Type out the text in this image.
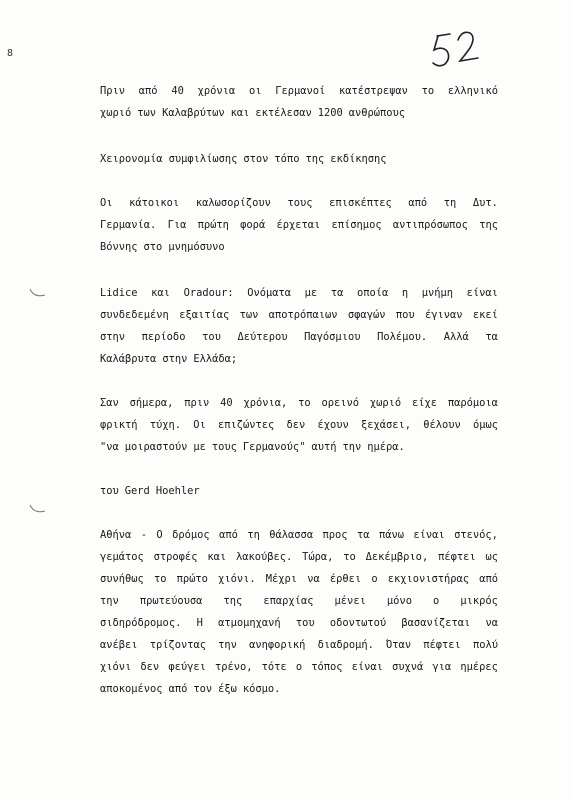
8
Πριν από 40 χρόνια οι Γερμανοί κατέστρεψαν το ελληνικό
χωριό των Καλαβρύτων και εκτέλεσαν 1200 ανθρώπους
Χειρονομία συμφιλίωσης στον τόπο της εκδίκησης
Οι κάτοικοι καλωσορίζουν τους επισκέπτες από τη Δυτ.
Γερμανία. Για πρώτη φορά έρχεται επίσημος αντιπρόσωπος της
Βόννης στο μνημόσυνο
Lidice και Oradour: Ονόματα με τα οποία η μνήμη είναι
συνδεδεμένη εξαιτίας των αποτρόπαιων σφαγών που έγιναν εκεί
στην περίοδο του Δεύτερου Παγόσμιου Πολέμου. Αλλά τα
Καλάβρυτα στην Ελλάδα;
Σαν σήμερα, πριν 40 χρόνια, το ορεινό χωριό είχε παρόμοια
φρικτή τύχη. Οι επιζώντες δεν έχουν ξεχάσει, θέλουν όμως
"να μοιραστούν με τους Γερμανούς" αυτή την ημέρα.
του Gerd Hoehler
Αθήνα - Ο δρόμος από τη θάλασσα προς τα πάνω είναι στενός,
γεμάτος στροφές και λακούβες. Τώρα, το Δεκέμβριο, πέφτει ως
συνήθως το πρώτο χιόνι. Μέχρι να έρθει ο εκχιονιστήρας από
την πρωτεύουσα της επαρχίας μένει μόνο ο μικρός
σιδηρόδρομος. Η ατμομηχανή του οδοντωτού βασανίζεται να
ανέβει τρίζοντας την ανηφορική διαδρομή. Όταν πέφτει πολύ
χιόνι δεν φεύγει τρένο, τότε ο τόπος είναι συχνά για ημέρες
αποκομένος από τον έξω κόσμο.
